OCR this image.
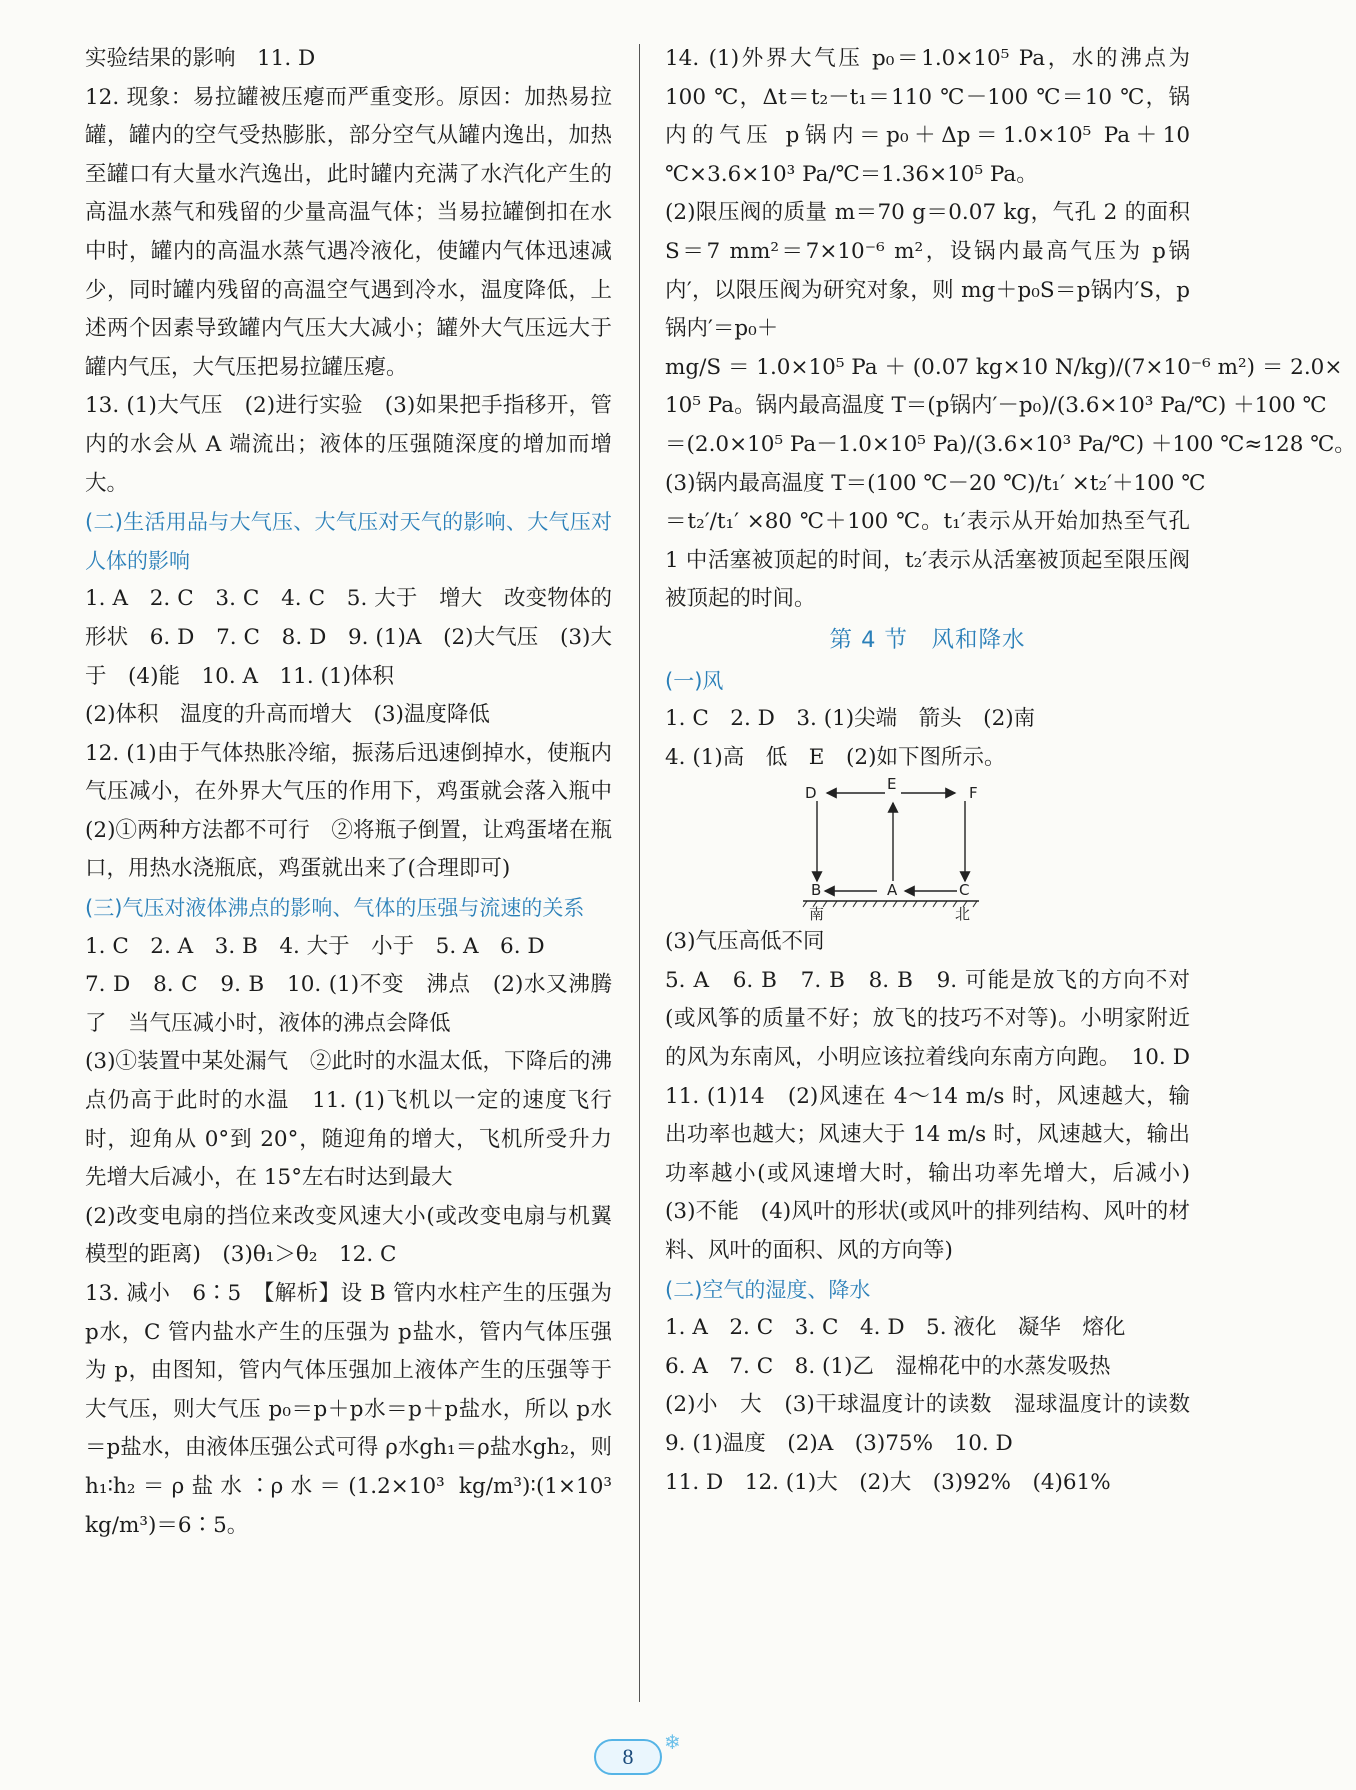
实验结果的影响　11. D

12. 现象：易拉罐被压瘪而严重变形。原因：加热易拉罐，罐内的空气受热膨胀，部分空气从罐内逸出，加热至罐口有大量水汽逸出，此时罐内充满了水汽化产生的高温水蒸气和残留的少量高温气体；当易拉罐倒扣在水中时，罐内的高温水蒸气遇冷液化，使罐内气体迅速减少，同时罐内残留的高温空气遇到冷水，温度降低，上述两个因素导致罐内气压大大减小；罐外大气压远大于罐内气压，大气压把易拉罐压瘪。

13. (1)大气压　(2)进行实验　(3)如果把手指移开，管内的水会从 A 端流出；液体的压强随深度的增加而增大。

(二)生活用品与大气压、大气压对天气的影响、大气压对人体的影响

1. A　2. C　3. C　4. C　5. 大于　增大　改变物体的形状　6. D　7. C　8. D　9. (1)A　(2)大气压　(3)大于　(4)能　10. A　11. (1)体积

(2)体积　温度的升高而增大　(3)温度降低

12. (1)由于气体热胀冷缩，振荡后迅速倒掉水，使瓶内气压减小，在外界大气压的作用下，鸡蛋就会落入瓶中　(2)①两种方法都不可行　②将瓶子倒置，让鸡蛋堵在瓶口，用热水浇瓶底，鸡蛋就出来了(合理即可)

(三)气压对液体沸点的影响、气体的压强与流速的关系

1. C　2. A　3. B　4. 大于　小于　5. A　6. D

7. D　8. C　9. B　10. (1)不变　沸点　(2)水又沸腾了　当气压减小时，液体的沸点会降低

(3)①装置中某处漏气　②此时的水温太低，下降后的沸点仍高于此时的水温　11. (1)飞机以一定的速度飞行时，迎角从 0°到 20°，随迎角的增大，飞机所受升力先增大后减小，在 15°左右时达到最大

(2)改变电扇的挡位来改变风速大小(或改变电扇与机翼模型的距离)　(3)θ₁＞θ₂　12. C

13. 减小　6∶5　【解析】设 B 管内水柱产生的压强为 p水，C 管内盐水产生的压强为 p盐水，管内气体压强为 p，由图知，管内气体压强加上液体产生的压强等于大气压，则大气压 p₀＝p＋p水＝p＋p盐水，所以 p水＝p盐水，由液体压强公式可得 ρ水gh₁＝ρ盐水gh₂，则 h₁∶h₂＝ρ盐水∶ρ水＝(1.2×10³ kg/m³)∶(1×10³ kg/m³)＝6∶5。

14. (1)外界大气压 p₀＝1.0×10⁵ Pa，水的沸点为 100 ℃，Δt＝t₂－t₁＝110 ℃－100 ℃＝10 ℃，锅内的气压 p锅内＝p₀＋Δp＝1.0×10⁵ Pa＋10 ℃×3.6×10³ Pa/℃＝1.36×10⁵ Pa。

(2)限压阀的质量 m＝70 g＝0.07 kg，气孔 2 的面积 S＝7 mm²＝7×10⁻⁶ m²，设锅内最高气压为 p锅内′，以限压阀为研究对象，则 mg＋p₀S＝p锅内′S，p锅内′＝p₀＋

mg/S ＝ 1.0×10⁵ Pa ＋ (0.07 kg×10 N/kg)/(7×10⁻⁶ m²) ＝ 2.0×

10⁵ Pa。锅内最高温度 T＝(p锅内′－p₀)/(3.6×10³ Pa/℃) ＋100 ℃

＝(2.0×10⁵ Pa－1.0×10⁵ Pa)/(3.6×10³ Pa/℃) ＋100 ℃≈128 ℃。

(3)锅内最高温度 T＝(100 ℃－20 ℃)/t₁′ ×t₂′＋100 ℃

＝t₂′/t₁′ ×80 ℃＋100 ℃。t₁′表示从开始加热至气孔 1 中活塞被顶起的时间，t₂′表示从活塞被顶起至限压阀被顶起的时间。

第 4 节　风和降水

(一)风

1. C　2. D　3. (1)尖端　箭头　(2)南

4. (1)高　低　E　(2)如下图所示。

D	E	F
B	A	C
南	北

(3)气压高低不同

5. A　6. B　7. B　8. B　9. 可能是放飞的方向不对(或风筝的质量不好；放飞的技巧不对等)。小明家附近的风为东南风，小明应该拉着线向东南方向跑。　10. D　11. (1)14　(2)风速在 4～14 m/s 时，风速越大，输出功率也越大；风速大于 14 m/s 时，风速越大，输出功率越小(或风速增大时，输出功率先增大，后减小)　(3)不能　(4)风叶的形状(或风叶的排列结构、风叶的材料、风叶的面积、风的方向等)

(二)空气的湿度、降水

1. A　2. C　3. C　4. D　5. 液化　凝华　熔化

6. A　7. C　8. (1)乙　湿棉花中的水蒸发吸热

(2)小　大　(3)干球温度计的读数　湿球温度计的读数　9. (1)温度　(2)A　(3)75%　10. D

11. D　12. (1)大　(2)大　(3)92%　(4)61%

8
❄
